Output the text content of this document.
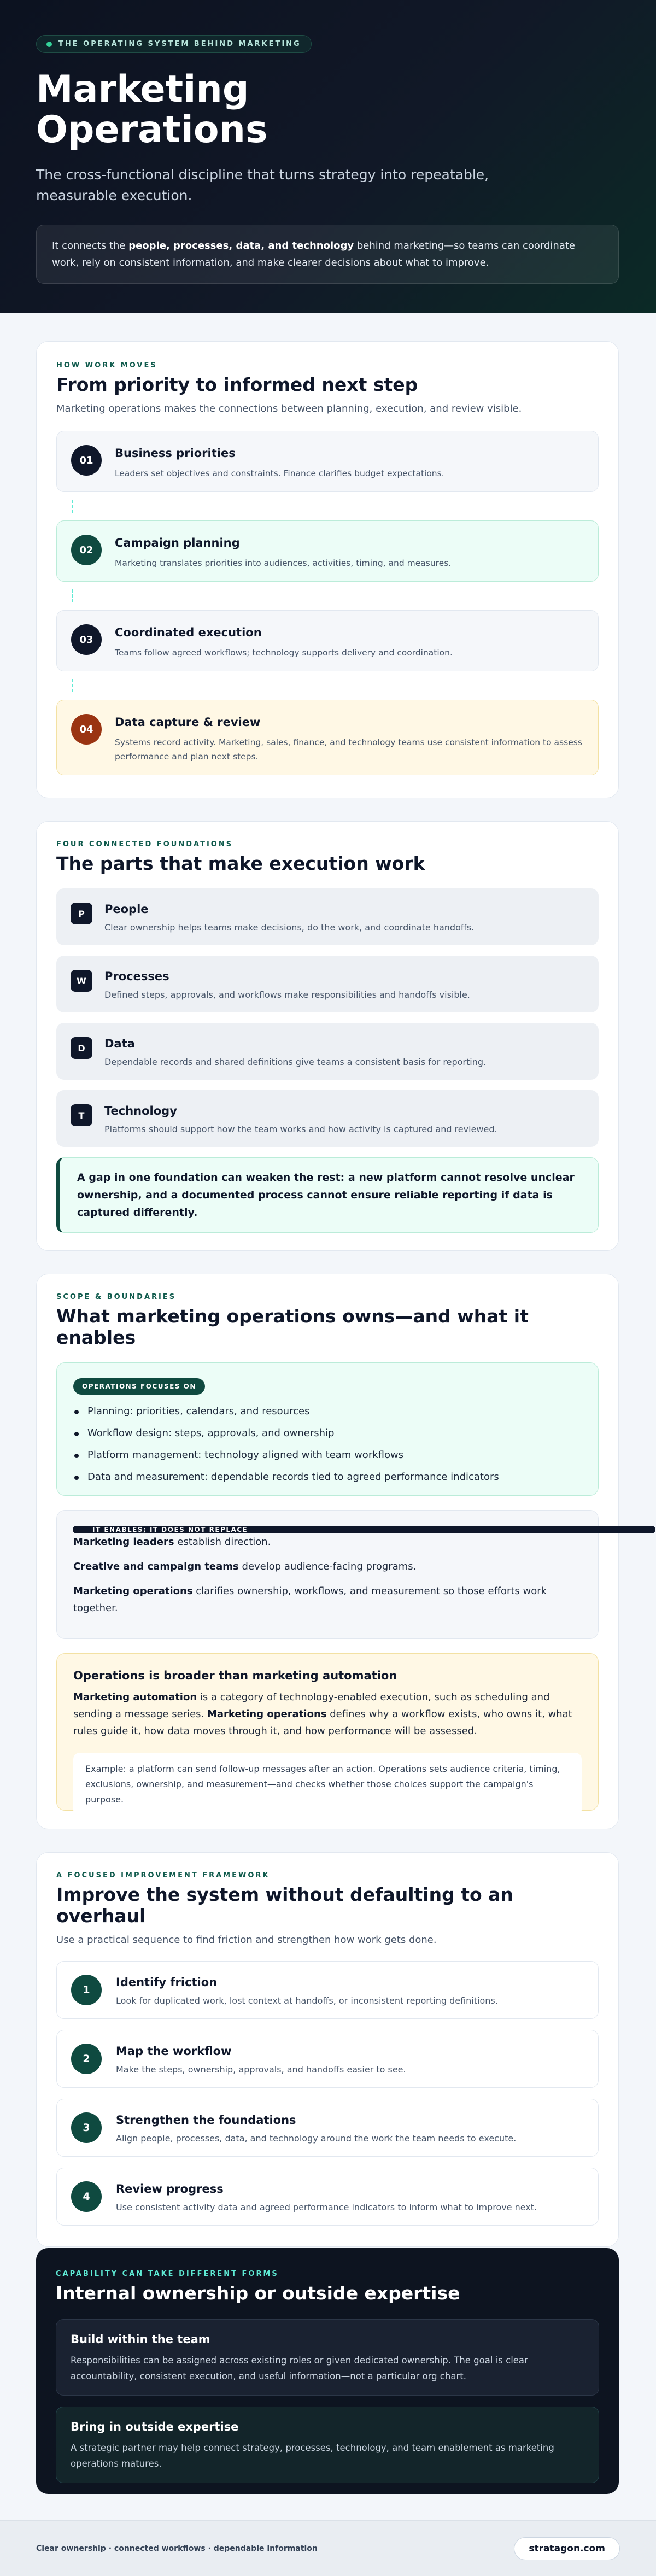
THE OPERATING SYSTEM BEHIND MARKETING
Marketing Operations

The cross-functional discipline that turns strategy into repeatable, measurable execution.

It connects the people, processes, data, and technology behind marketing—so teams can coordinate work, rely on consistent information, and make clearer decisions about what to improve.
HOW WORK MOVES
From priority to informed next step
Marketing operations makes the connections between planning, execution, and review visible.
01
Business priorities
Leaders set objectives and constraints. Finance clarifies budget expectations.
02
Campaign planning
Marketing translates priorities into audiences, activities, timing, and measures.
03
Coordinated execution
Teams follow agreed workflows; technology supports delivery and coordination.
04
Data capture & review
Systems record activity. Marketing, sales, finance, and technology teams use consistent information to assess performance and plan next steps.
FOUR CONNECTED FOUNDATIONS
The parts that make execution work
P	People
Clear ownership helps teams make decisions, do the work, and coordinate handoffs.
W	Processes
Defined steps, approvals, and workflows make responsibilities and handoffs visible.
D	Data
Dependable records and shared definitions give teams a consistent basis for reporting.
T	Technology
Platforms should support how the team works and how activity is captured and reviewed.
A gap in one foundation can weaken the rest: a new platform cannot resolve unclear ownership, and a documented process cannot ensure reliable reporting if data is captured differently.
SCOPE & BOUNDARIES
What marketing operations owns—and what it enables
OPERATIONS FOCUSES ON
Planning: priorities, calendars, and resources
Workflow design: steps, approvals, and ownership
Platform management: technology aligned with team workflows
Data and measurement: dependable records tied to agreed performance indicators
IT ENABLES; IT DOES NOT REPLACE

Marketing leaders establish direction.

Creative and campaign teams develop audience-facing programs.

Marketing operations clarifies ownership, workflows, and measurement so those efforts work together.

Operations is broader than marketing automation

Marketing automation is a category of technology-enabled execution, such as scheduling and sending a message series. Marketing operations defines why a workflow exists, who owns it, what rules guide it, how data moves through it, and how performance will be assessed.

Example: a platform can send follow-up messages after an action. Operations sets audience criteria, timing, exclusions, ownership, and measurement—and checks whether those choices support the campaign's purpose.
A FOCUSED IMPROVEMENT FRAMEWORK
Improve the system without defaulting to an overhaul
Use a practical sequence to find friction and strengthen how work gets done.
1
Identify friction
Look for duplicated work, lost context at handoffs, or inconsistent reporting definitions.
2
Map the workflow
Make the steps, ownership, approvals, and handoffs easier to see.
3
Strengthen the foundations
Align people, processes, data, and technology around the work the team needs to execute.
4
Review progress
Use consistent activity data and agreed performance indicators to inform what to improve next.
CAPABILITY CAN TAKE DIFFERENT FORMS
Internal ownership or outside expertise
Build within the team
Responsibilities can be assigned across existing roles or given dedicated ownership. The goal is clear accountability, consistent execution, and useful information—not a particular org chart.
Bring in outside expertise
A strategic partner may help connect strategy, processes, technology, and team enablement as marketing operations matures.
Clear ownership · connected workflows · dependable information	stratagon.com
